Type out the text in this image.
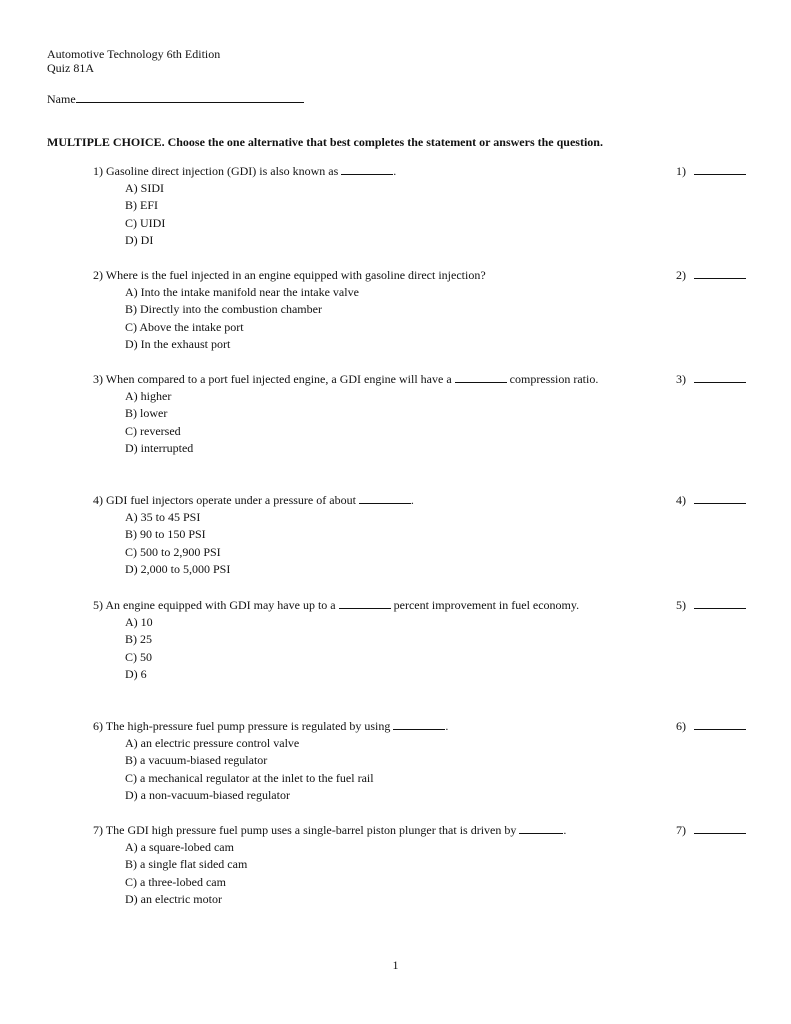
Automotive Technology 6th Edition
Quiz 81A
Name
MULTIPLE CHOICE. Choose the one alternative that best completes the statement or answers the question.
1) Gasoline direct injection (GDI) is also known as	.
A) SIDI
B) EFI
C) UIDI
D) DI
1)
2) Where is the fuel injected in an engine equipped with gasoline direct injection?
A) Into the intake manifold near the intake valve
B) Directly into the combustion chamber
C) Above the intake port
D) In the exhaust port
2)
3) When compared to a port fuel injected engine, a GDI engine will have a	compression ratio.
A) higher
B) lower
C) reversed
D) interrupted
3)
4) GDI fuel injectors operate under a pressure of about	.
A) 35 to 45 PSI
B) 90 to 150 PSI
C) 500 to 2,900 PSI
D) 2,000 to 5,000 PSI
4)
5) An engine equipped with GDI may have up to a	percent improvement in fuel economy.
A) 10
B) 25
C) 50
D) 6
5)
6) The high-pressure fuel pump pressure is regulated by using	.
A) an electric pressure control valve
B) a vacuum-biased regulator
C) a mechanical regulator at the inlet to the fuel rail
D) a non-vacuum-biased regulator
6)
7) The GDI high pressure fuel pump uses a single-barrel piston plunger that is driven by	.
A) a square-lobed cam
B) a single flat sided cam
C) a three-lobed cam
D) an electric motor
7)
1
